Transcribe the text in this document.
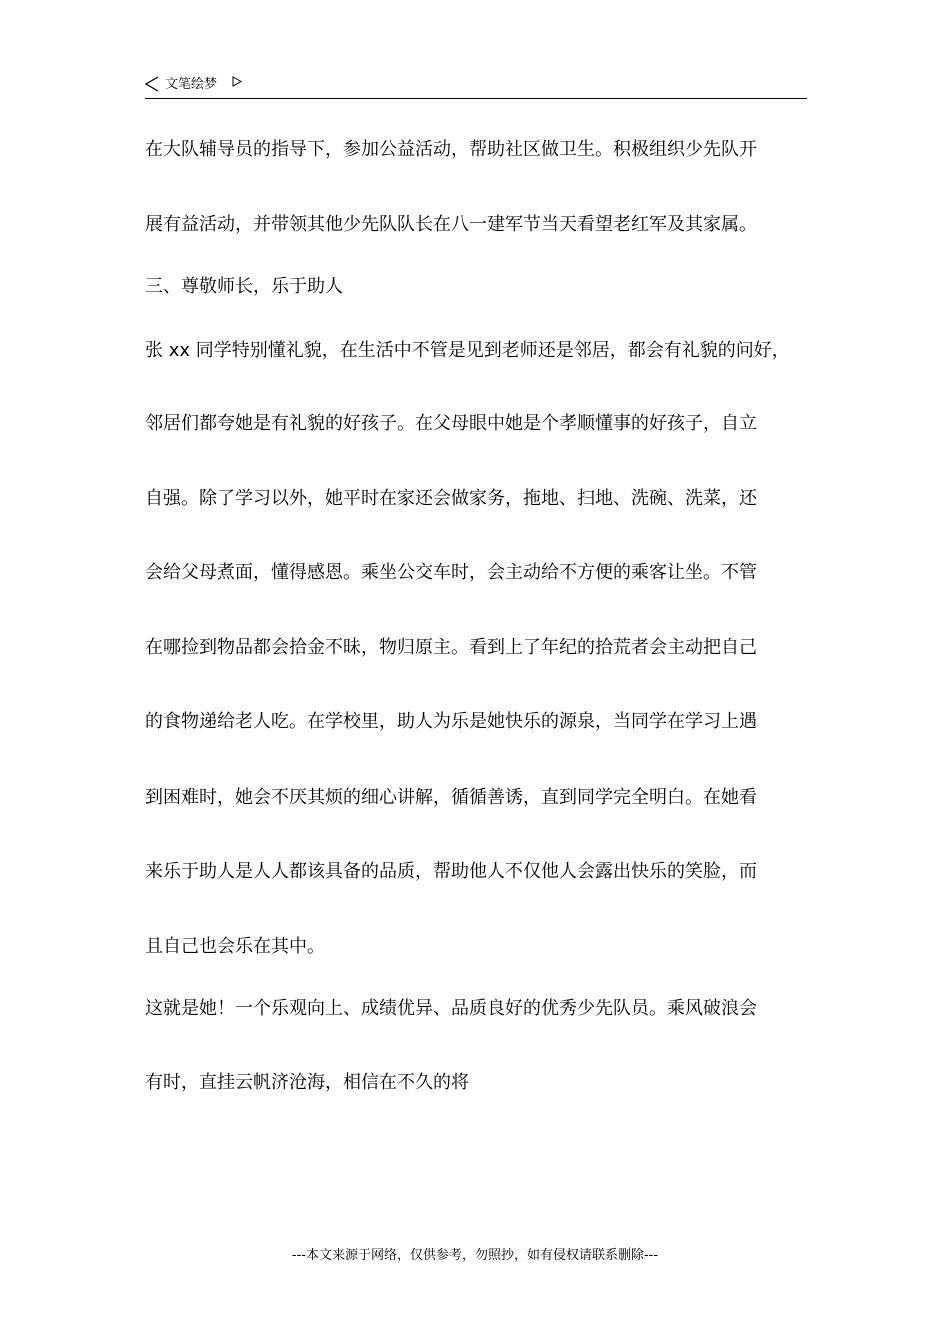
文笔绘梦
在大队辅导员的指导下，参加公益活动，帮助社区做卫生。积极组织少先队开
展有益活动，并带领其他少先队队长在八一建军节当天看望老红军及其家属。
三、尊敬师长，乐于助人
张 xx 同学特别懂礼貌，在生活中不管是见到老师还是邻居，都会有礼貌的问好，
邻居们都夸她是有礼貌的好孩子。在父母眼中她是个孝顺懂事的好孩子，自立
自强。除了学习以外，她平时在家还会做家务，拖地、扫地、洗碗、洗菜，还
会给父母煮面，懂得感恩。乘坐公交车时，会主动给不方便的乘客让坐。不管
在哪捡到物品都会拾金不昧，物归原主。看到上了年纪的拾荒者会主动把自己
的食物递给老人吃。在学校里，助人为乐是她快乐的源泉，当同学在学习上遇
到困难时，她会不厌其烦的细心讲解，循循善诱，直到同学完全明白。在她看
来乐于助人是人人都该具备的品质，帮助他人不仅他人会露出快乐的笑脸，而
且自己也会乐在其中。
这就是她！一个乐观向上、成绩优异、品质良好的优秀少先队员。乘风破浪会
有时，直挂云帆济沧海，相信在不久的将
---本文来源于网络，仅供参考，勿照抄，如有侵权请联系删除---
